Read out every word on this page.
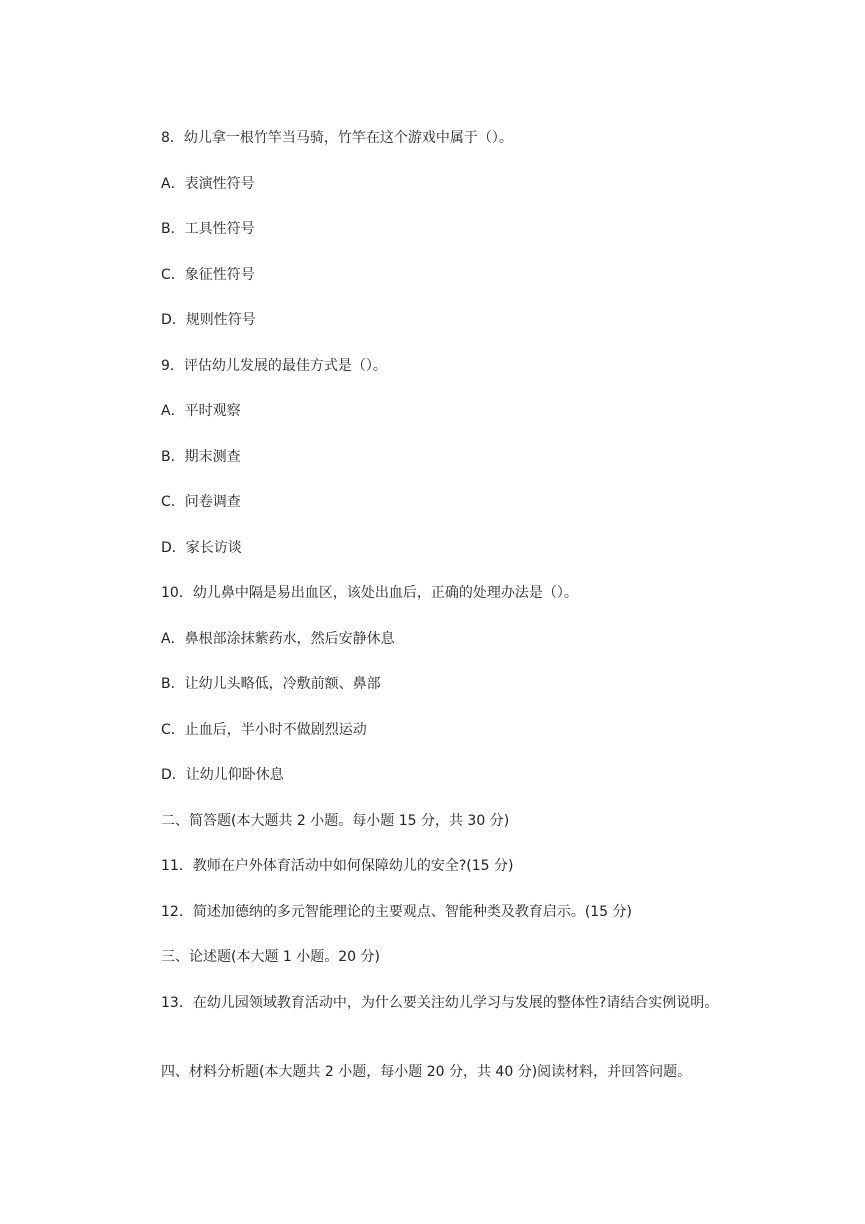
8．幼儿拿一根竹竿当马骑，竹竿在这个游戏中属于（）。
A．表演性符号
B．工具性符号
C．象征性符号
D．规则性符号
9．评估幼儿发展的最佳方式是（）。
A．平时观察
B．期末测查
C．问卷调查
D．家长访谈
10．幼儿鼻中隔是易出血区，该处出血后，正确的处理办法是（）。
A．鼻根部涂抹紫药水，然后安静休息
B．让幼儿头略低，冷敷前额、鼻部
C．止血后，半小时不做剧烈运动
D．让幼儿仰卧休息
二、简答题(本大题共 2 小题。每小题 15 分，共 30 分)
11．教师在户外体育活动中如何保障幼儿的安全?(15 分)
12．简述加德纳的多元智能理论的主要观点、智能种类及教育启示。(15 分)
三、论述题(本大题 1 小题。20 分)
13．在幼儿园领域教育活动中，为什么要关注幼儿学习与发展的整体性?请结合实例说明。
四、材料分析题(本大题共 2 小题，每小题 20 分，共 40 分)阅读材料，并回答问题。
